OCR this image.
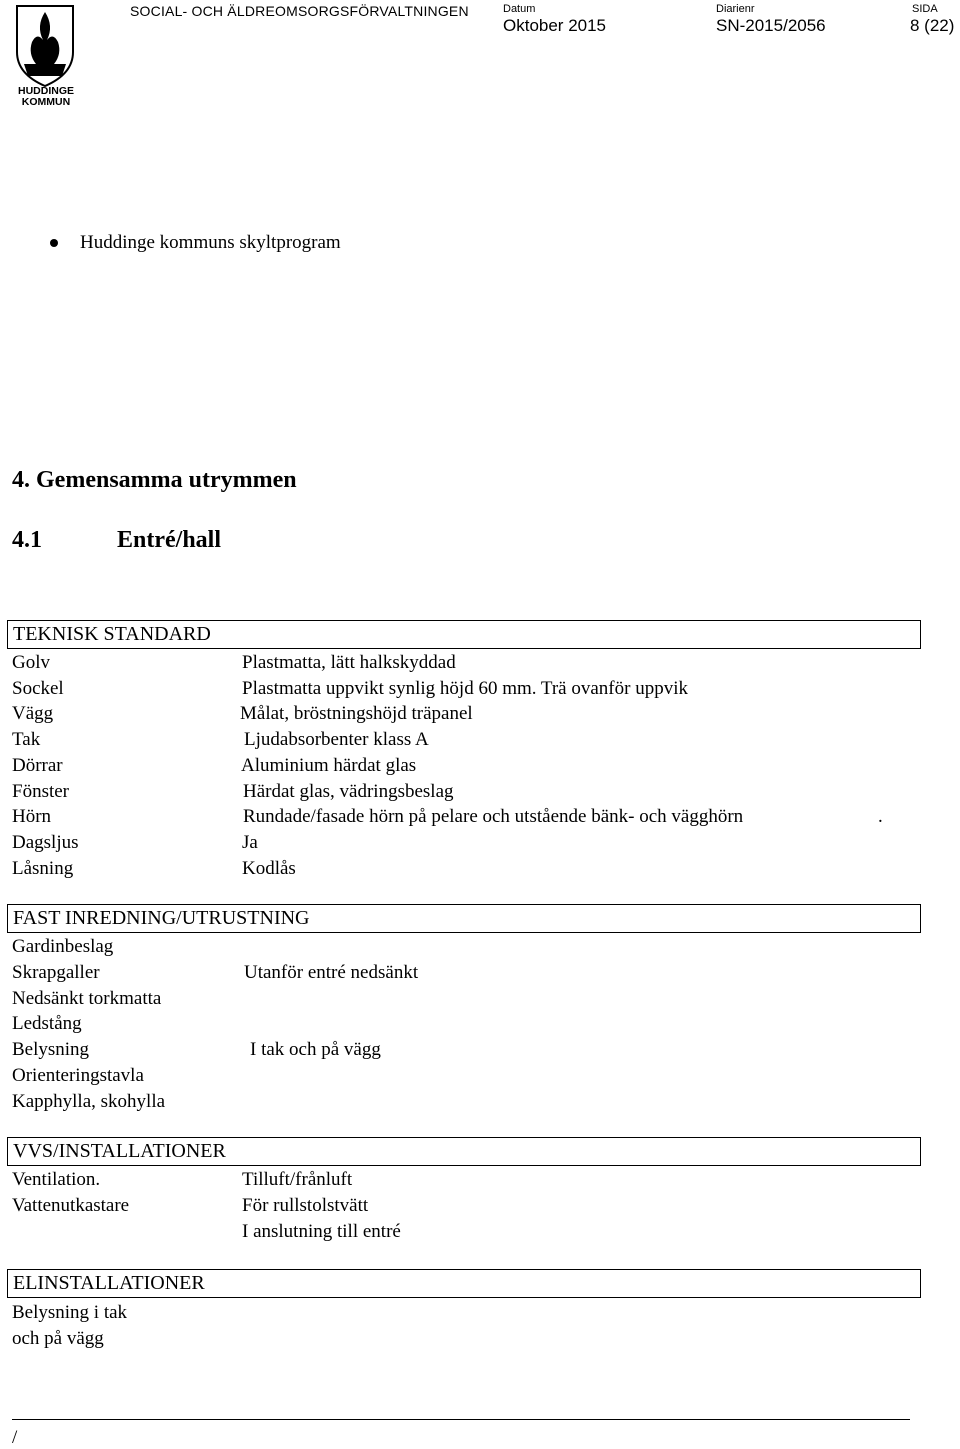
HUDDINGE
KOMMUN
SOCIAL- OCH ÄLDREOMSORGSFÖRVALTNINGEN	Datum
Oktober 2015
Diarienr
SN-2015/2056
SIDA
8 (22)
Huddinge kommuns skyltprogram
4. Gemensamma utrymmen
4.1	Entré/hall
TEKNISK STANDARD
Golv	Plastmatta, lätt halkskyddad
Sockel	Plastmatta uppvikt synlig höjd 60 mm. Trä ovanför uppvik
Vägg	Målat, bröstningshöjd träpanel
Tak	Ljudabsorbenter klass A
Dörrar	Aluminium härdat glas
Fönster	Härdat glas, vädringsbeslag
Hörn	Rundade/fasade hörn på pelare och utstående bänk- och vägghörn	.
Dagsljus	Ja
Låsning	Kodlås
FAST INREDNING/UTRUSTNING
Gardinbeslag
Skrapgaller	Utanför entré nedsänkt
Nedsänkt torkmatta
Ledstång
Belysning	I tak och på vägg
Orienteringstavla
Kapphylla, skohylla
VVS/INSTALLATIONER
Ventilation.	Tilluft/frånluft
Vattenutkastare	För rullstolstvätt
I anslutning till entré
ELINSTALLATIONER
Belysning i tak
och på vägg
/
